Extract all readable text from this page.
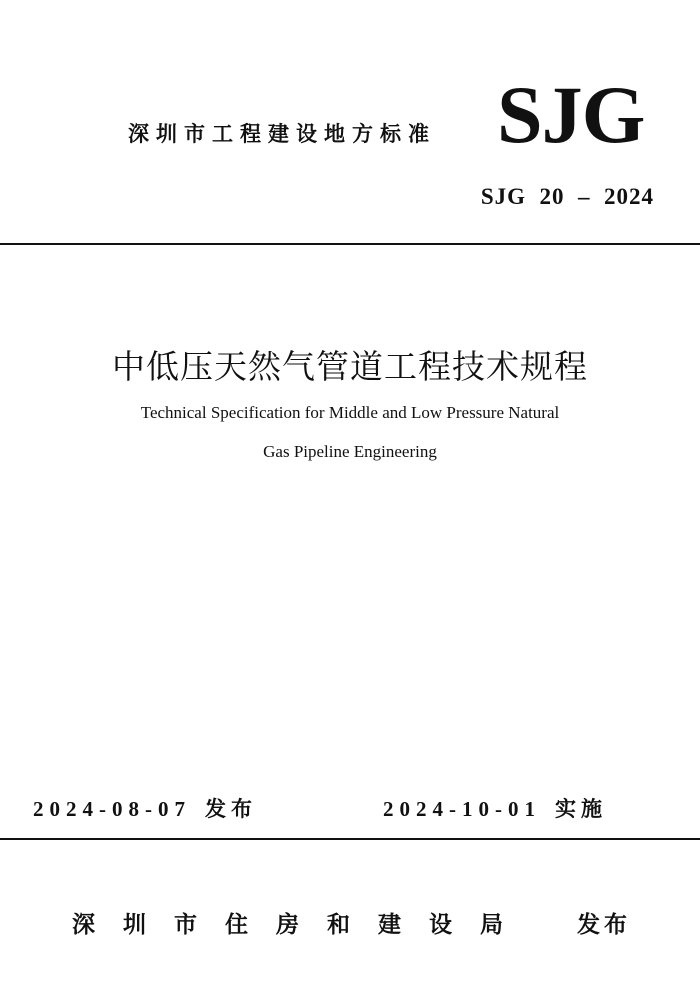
深圳市工程建设地方标准 SJG
SJG  20  –  2024
中低压天然气管道工程技术规程
Technical Specification for Middle and Low Pressure Natural
Gas Pipeline Engineering
2024-08-07 发布	2024-10-01 实施
深圳市住房和建设局 发布
